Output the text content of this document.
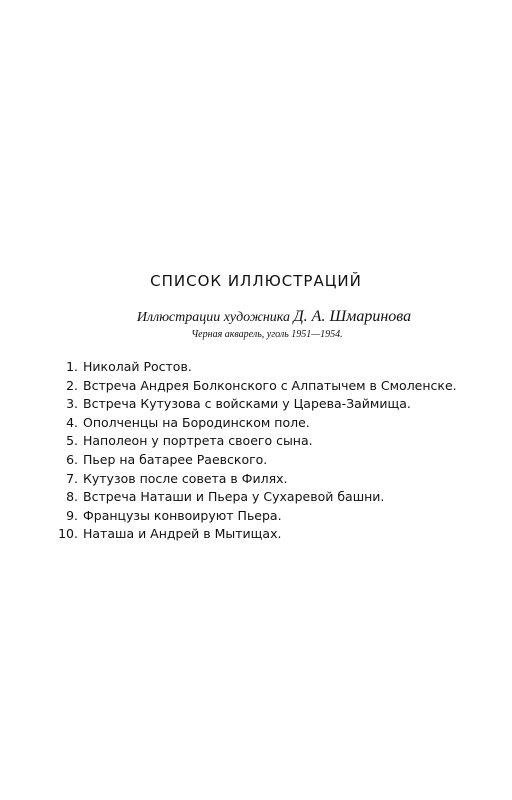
СПИСОК ИЛЛЮСТРАЦИЙ
Иллюстрации художника Д. А. Шмаринова
Черная акварель, уголь 1951—1954.
1. Николай Ростов.
2. Встреча Андрея Болконского с Алпатычем в Смоленске.
3. Встреча Кутузова с войсками у Царева-Займища.
4. Ополченцы на Бородинском поле.
5. Наполеон у портрета своего сына.
6. Пьер на батарее Раевского.
7. Кутузов после совета в Филях.
8. Встреча Наташи и Пьера у Сухаревой башни.
9. Французы конвоируют Пьера.
10. Наташа и Андрей в Мытищах.
